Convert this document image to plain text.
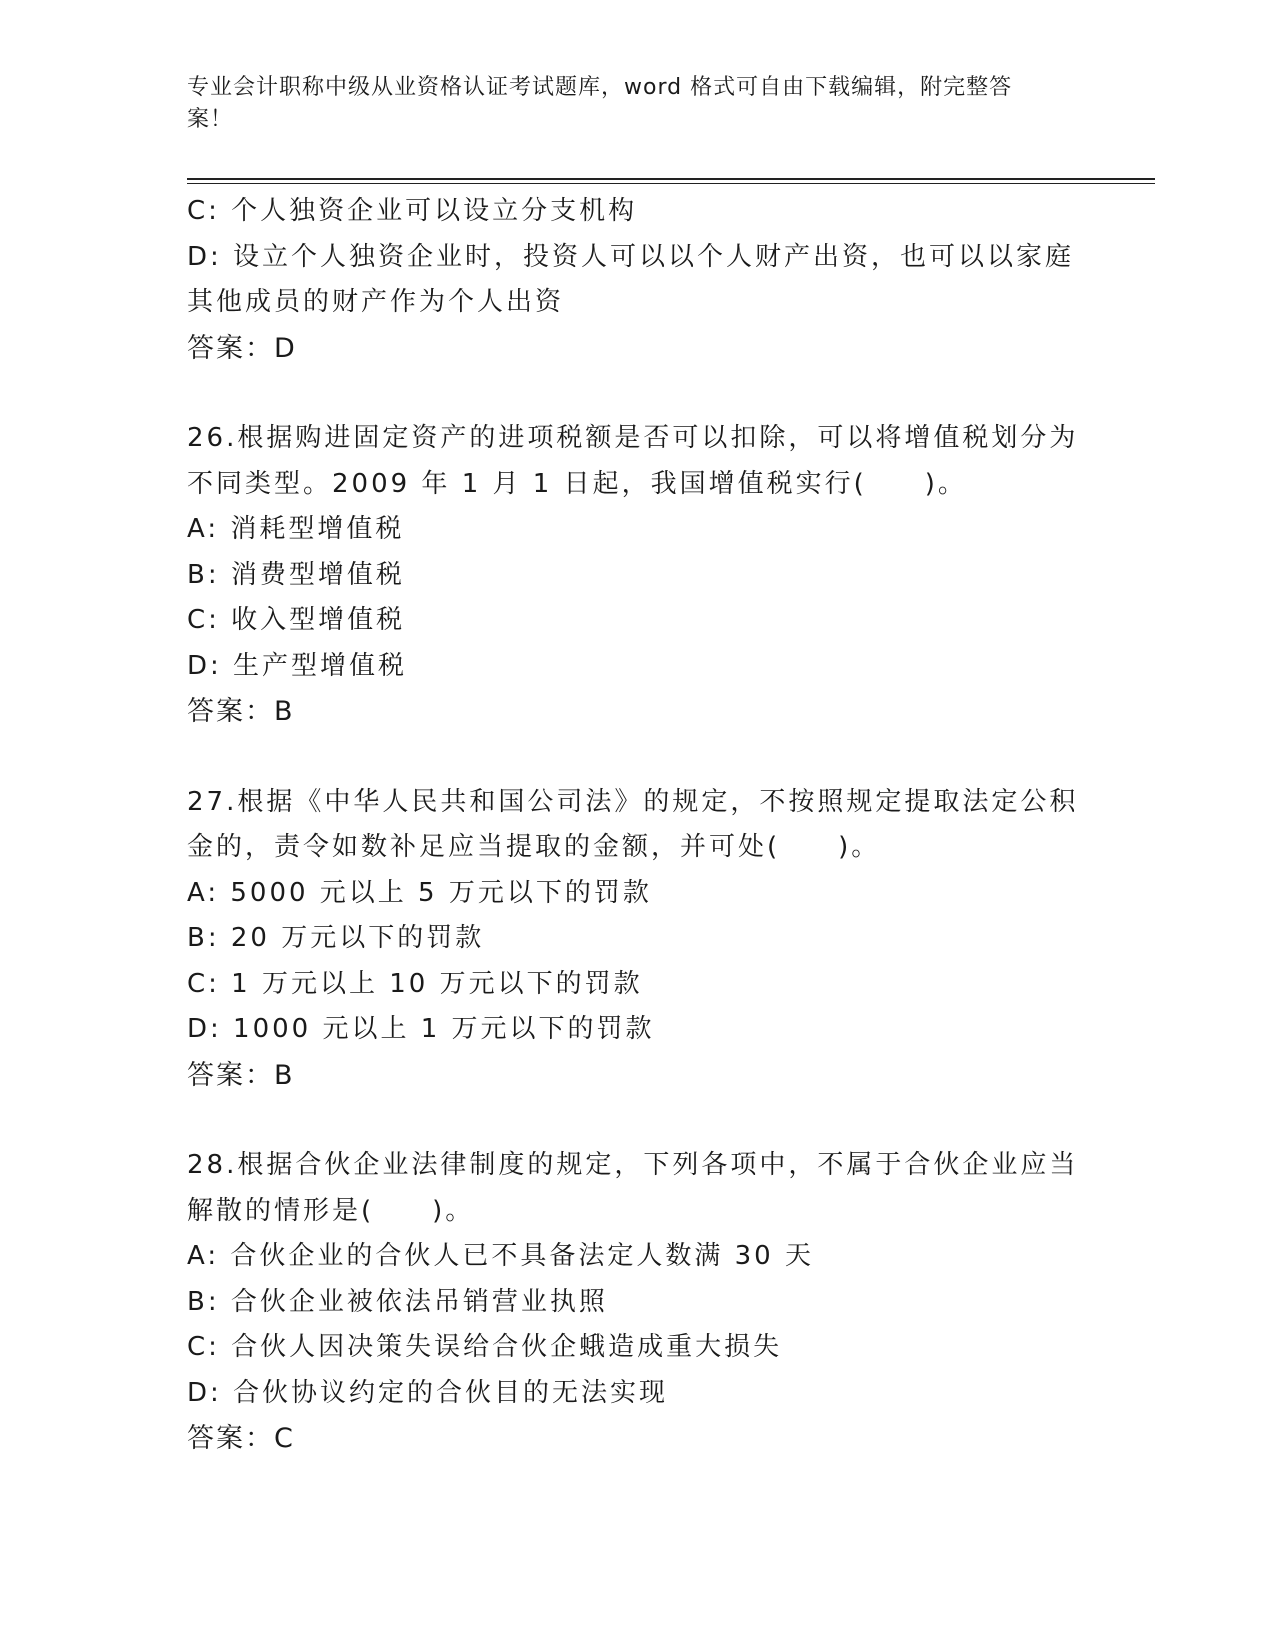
专业会计职称中级从业资格认证考试题库，word 格式可自由下载编辑，附完整答
案！
C: 个人独资企业可以设立分支机构
D: 设立个人独资企业时，投资人可以以个人财产出资，也可以以家庭
其他成员的财产作为个人出资
答案：D
26.根据购进固定资产的进项税额是否可以扣除，可以将增值税划分为
不同类型。2009 年 1 月 1 日起，我国增值税实行(　　)。
A: 消耗型增值税
B: 消费型增值税
C: 收入型增值税
D: 生产型增值税
答案：B
27.根据《中华人民共和国公司法》的规定，不按照规定提取法定公积
金的，责令如数补足应当提取的金额，并可处(　　)。
A: 5000 元以上 5 万元以下的罚款
B: 20 万元以下的罚款
C: 1 万元以上 10 万元以下的罚款
D: 1000 元以上 1 万元以下的罚款
答案：B
28.根据合伙企业法律制度的规定，下列各项中，不属于合伙企业应当
解散的情形是(　　)。
A: 合伙企业的合伙人已不具备法定人数满 30 天
B: 合伙企业被依法吊销营业执照
C: 合伙人因决策失误给合伙企蛾造成重大损失
D: 合伙协议约定的合伙目的无法实现
答案：C
